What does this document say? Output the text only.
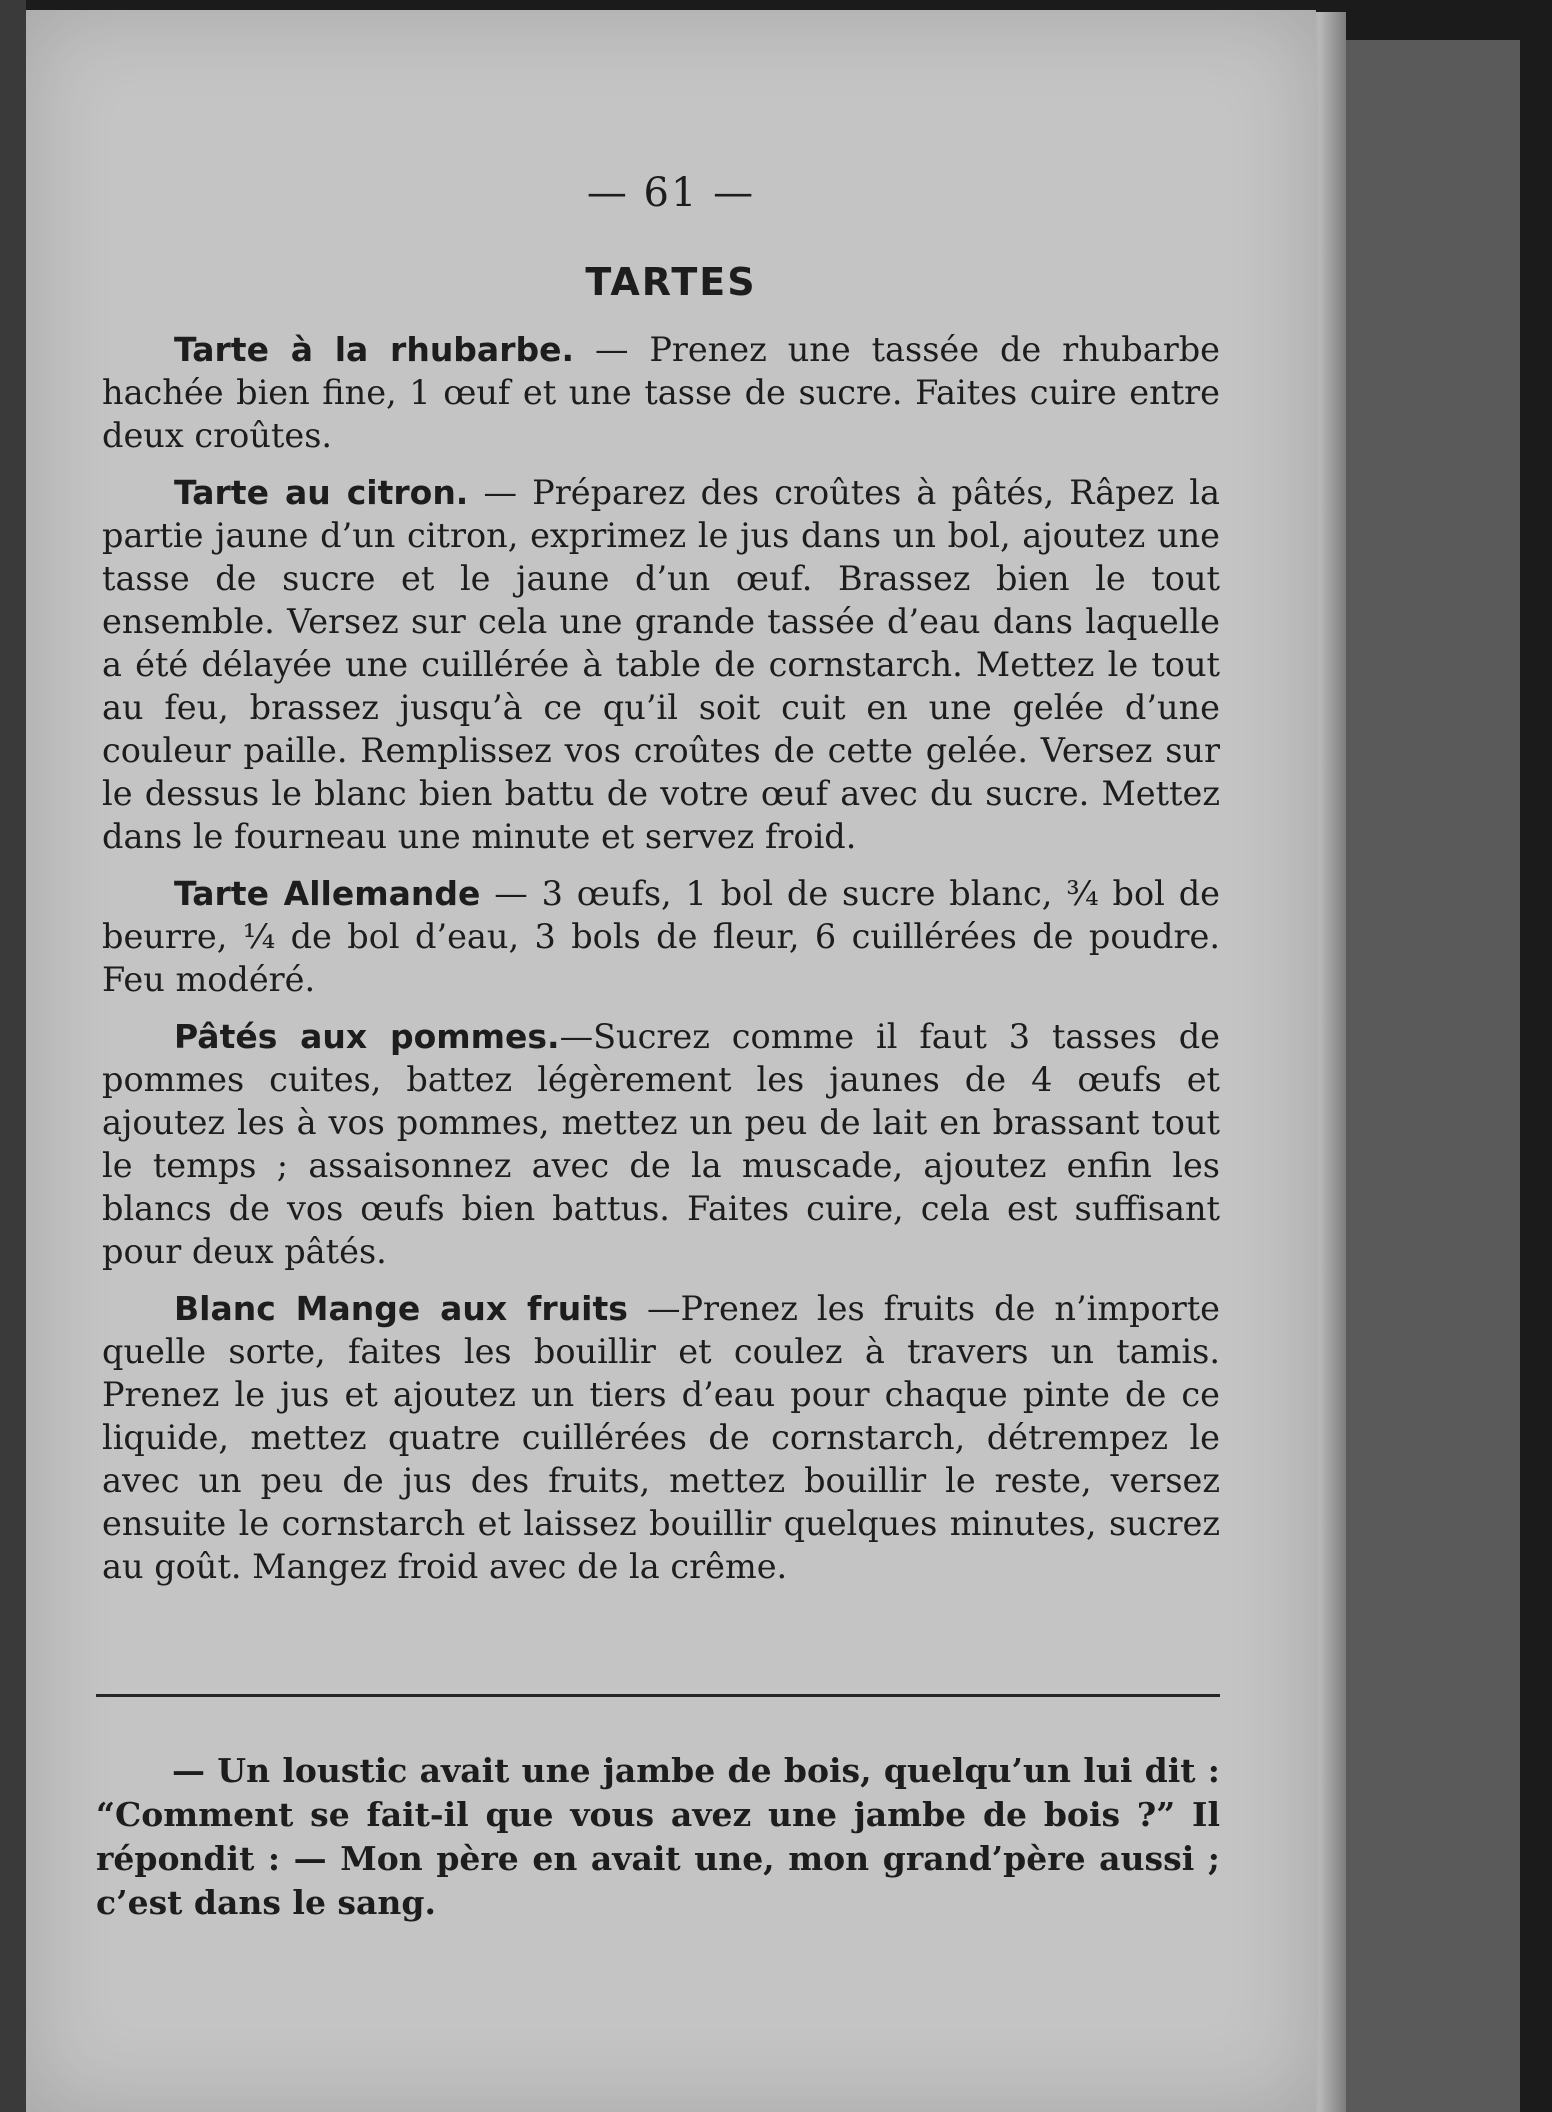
— 61 —
TARTES

Tarte à la rhubarbe. — Prenez une tassée de rhubarbe hachée bien fine, 1 œuf et une tasse de sucre. Faites cuire entre deux croûtes.

Tarte au citron. — Préparez des croûtes à pâtés, Râpez la partie jaune d’un citron, exprimez le jus dans un bol, ajoutez une tasse de sucre et le jaune d’un œuf. Brassez bien le tout ensemble. Versez sur cela une grande tassée d’eau dans laquelle a été délayée une cuillérée à table de cornstarch. Mettez le tout au feu, brassez jusqu’à ce qu’il soit cuit en une gelée d’une couleur paille. Remplissez vos croûtes de cette gelée. Versez sur le dessus le blanc bien battu de votre œuf avec du sucre. Mettez dans le fourneau une minute et servez froid.

Tarte Allemande — 3 œufs, 1 bol de sucre blanc, ¾ bol de beurre, ¼ de bol d’eau, 3 bols de fleur, 6 cuillérées de poudre. Feu modéré.

Pâtés aux pommes.—Sucrez comme il faut 3 tasses de pommes cuites, battez légèrement les jaunes de 4 œufs et ajoutez les à vos pommes, mettez un peu de lait en brassant tout le temps ; assaisonnez avec de la muscade, ajoutez enfin les blancs de vos œufs bien battus. Faites cuire, cela est suffisant pour deux pâtés.

Blanc Mange aux fruits —Prenez les fruits de n’importe quelle sorte, faites les bouillir et coulez à travers un tamis. Prenez le jus et ajoutez un tiers d’eau pour chaque pinte de ce liquide, mettez quatre cuillérées de cornstarch, détrempez le avec un peu de jus des fruits, mettez bouillir le reste, versez ensuite le cornstarch et laissez bouillir quelques minutes, sucrez au goût. Mangez froid avec de la crême.

— Un loustic avait une jambe de bois, quelqu’un lui dit : “Comment se fait-il que vous avez une jambe de bois ?” Il répondit : — Mon père en avait une, mon grand’père aussi ; c’est dans le sang.
